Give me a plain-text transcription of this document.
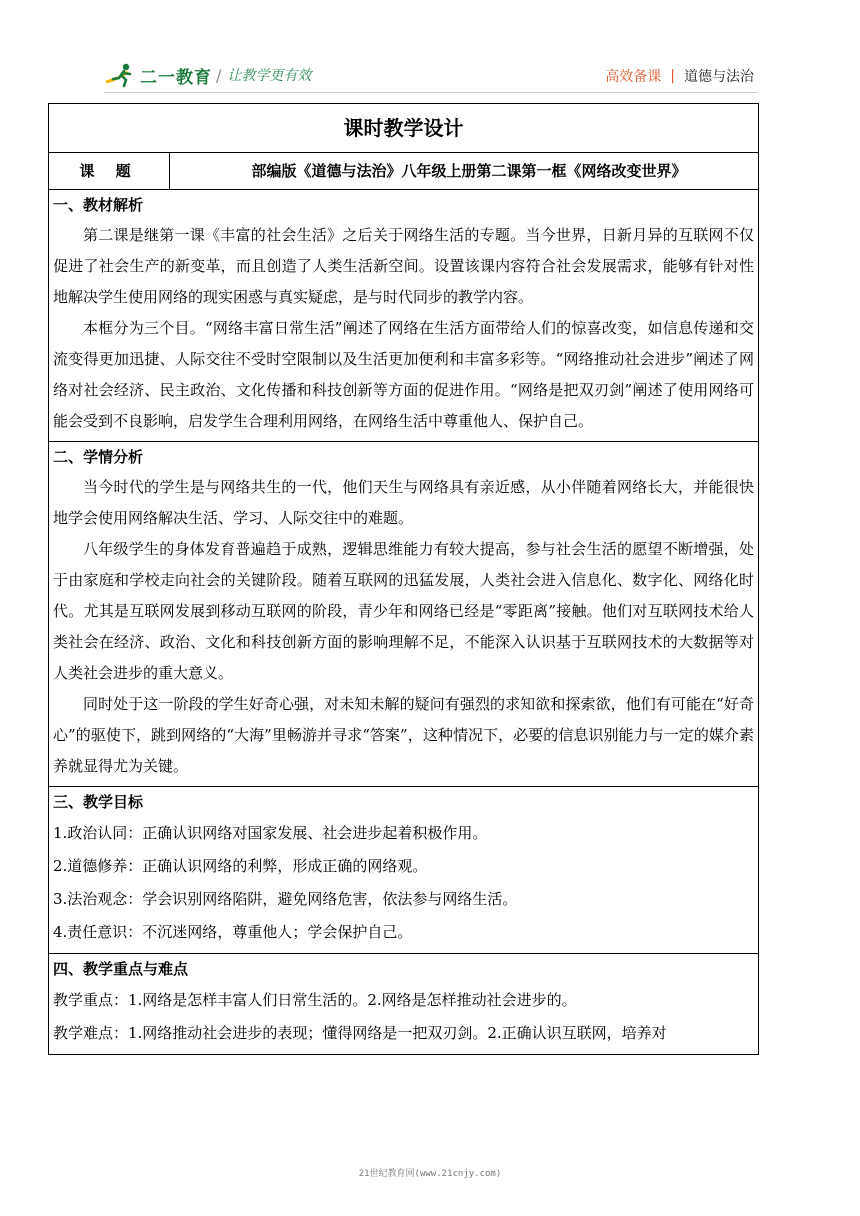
二一教育 / 让教学更有效	高效备课 | 道德与法治
课时教学设计
课 题	部编版《道德与法治》八年级上册第二课第一框《网络改变世界》
一、教材解析

第二课是继第一课《丰富的社会生活》之后关于网络生活的专题。当今世界，日新月异的互联网不仅促进了社会生产的新变革，而且创造了人类生活新空间。设置该课内容符合社会发展需求，能够有针对性地解决学生使用网络的现实困惑与真实疑虑，是与时代同步的教学内容。

本框分为三个目。“网络丰富日常生活”阐述了网络在生活方面带给人们的惊喜改变，如信息传递和交流变得更加迅捷、人际交往不受时空限制以及生活更加便利和丰富多彩等。“网络推动社会进步”阐述了网络对社会经济、民主政治、文化传播和科技创新等方面的促进作用。“网络是把双刃剑”阐述了使用网络可能会受到不良影响，启发学生合理利用网络，在网络生活中尊重他人、保护自己。

二、学情分析

当今时代的学生是与网络共生的一代，他们天生与网络具有亲近感，从小伴随着网络长大，并能很快地学会使用网络解决生活、学习、人际交往中的难题。

八年级学生的身体发育普遍趋于成熟，逻辑思维能力有较大提高，参与社会生活的愿望不断增强，处于由家庭和学校走向社会的关键阶段。随着互联网的迅猛发展，人类社会进入信息化、数字化、网络化时代。尤其是互联网发展到移动互联网的阶段，青少年和网络已经是“零距离”接触。他们对互联网技术给人类社会在经济、政治、文化和科技创新方面的影响理解不足，不能深入认识基于互联网技术的大数据等对人类社会进步的重大意义。

同时处于这一阶段的学生好奇心强，对未知未解的疑问有强烈的求知欲和探索欲，他们有可能在“好奇心”的驱使下，跳到网络的“大海”里畅游并寻求“答案”，这种情况下，必要的信息识别能力与一定的媒介素养就显得尤为关键。

三、教学目标

1.政治认同：正确认识网络对国家发展、社会进步起着积极作用。

2.道德修养：正确认识网络的利弊，形成正确的网络观。

3.法治观念：学会识别网络陷阱，避免网络危害，依法参与网络生活。

4.责任意识：不沉迷网络，尊重他人；学会保护自己。

四、教学重点与难点

教学重点：1.网络是怎样丰富人们日常生活的。2.网络是怎样推动社会进步的。

教学难点：1.网络推动社会进步的表现；懂得网络是一把双刃剑。2.正确认识互联网，培养对

21世纪教育网(www.21cnjy.com)
